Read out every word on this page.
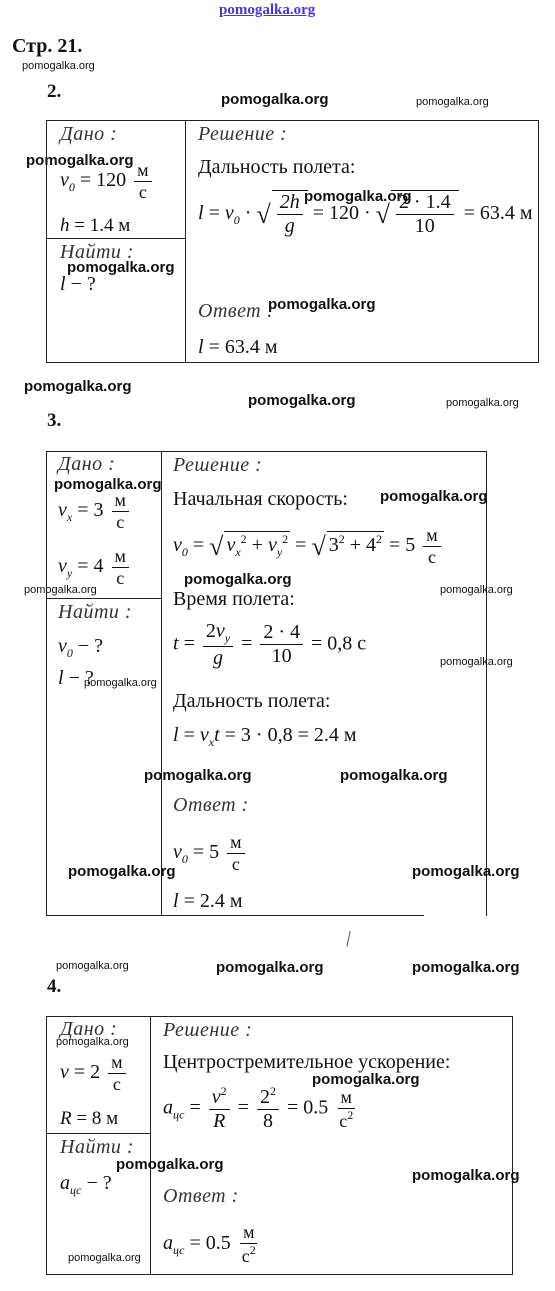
pomogalka.org
Стр. 21.
pomogalka.org
pomogalka.org	pomogalka.org
2.
Дано :
$v_0 = 120 \frac{м}{с}$
h = 1.4 м
Найти :
l − ?
Решение :
Дальность полета:
$l = v_0$ · √ $\frac{2h}{g} = 120$ · √ $\frac{2 \cdot 1.4}{10} = 63.4$ м
Ответ :
l = 63.4 м
pomogalka.org
pomogalka.org
pomogalka.org
pomogalka.org
pomogalka.org
pomogalka.org	pomogalka.org
3.
Дано :
$v_x = 3 \frac{м}{с}$
$v_y = 4 \frac{м}{с}$
Найти :
$v_0$ − ?
l − ?
Решение :
Начальная скорость:
$v_0$ = √ $v_x^2 + v_y^2$ = √ $3^2 + 4^2 = 5 \frac{м}{с}$
Время полета:
$t = \frac{2v_y}{g} = \frac{2 \cdot 4}{10} = 0,8$ с
Дальность полета:
$l = v_xt = 3 \cdot 0,8 = 2.4$ м
Ответ :
$v_0 = 5 \frac{м}{с}$
l = 2.4 м
pomogalka.org
pomogalka.org
pomogalka.org
pomogalka.org	pomogalka.org
pomogalka.org
pomogalka.org
pomogalka.org	pomogalka.org
pomogalka.org	pomogalka.org
pomogalka.org	pomogalka.org	pomogalka.org
4.
Дано :
$v = 2 \frac{м}{с}$
R = 8 м
Найти :
$a_{цс}$ − ?
Решение :
Центростремительное ускорение:
$a_{цс} = \frac{v^2}{R} = \frac{2^2}{8} = 0.5 \frac{м}{с^2}$
Ответ :
$a_{цс} = 0.5 \frac{м}{с^2}$
pomogalka.org
pomogalka.org
pomogalka.org
pomogalka.org
pomogalka.org
